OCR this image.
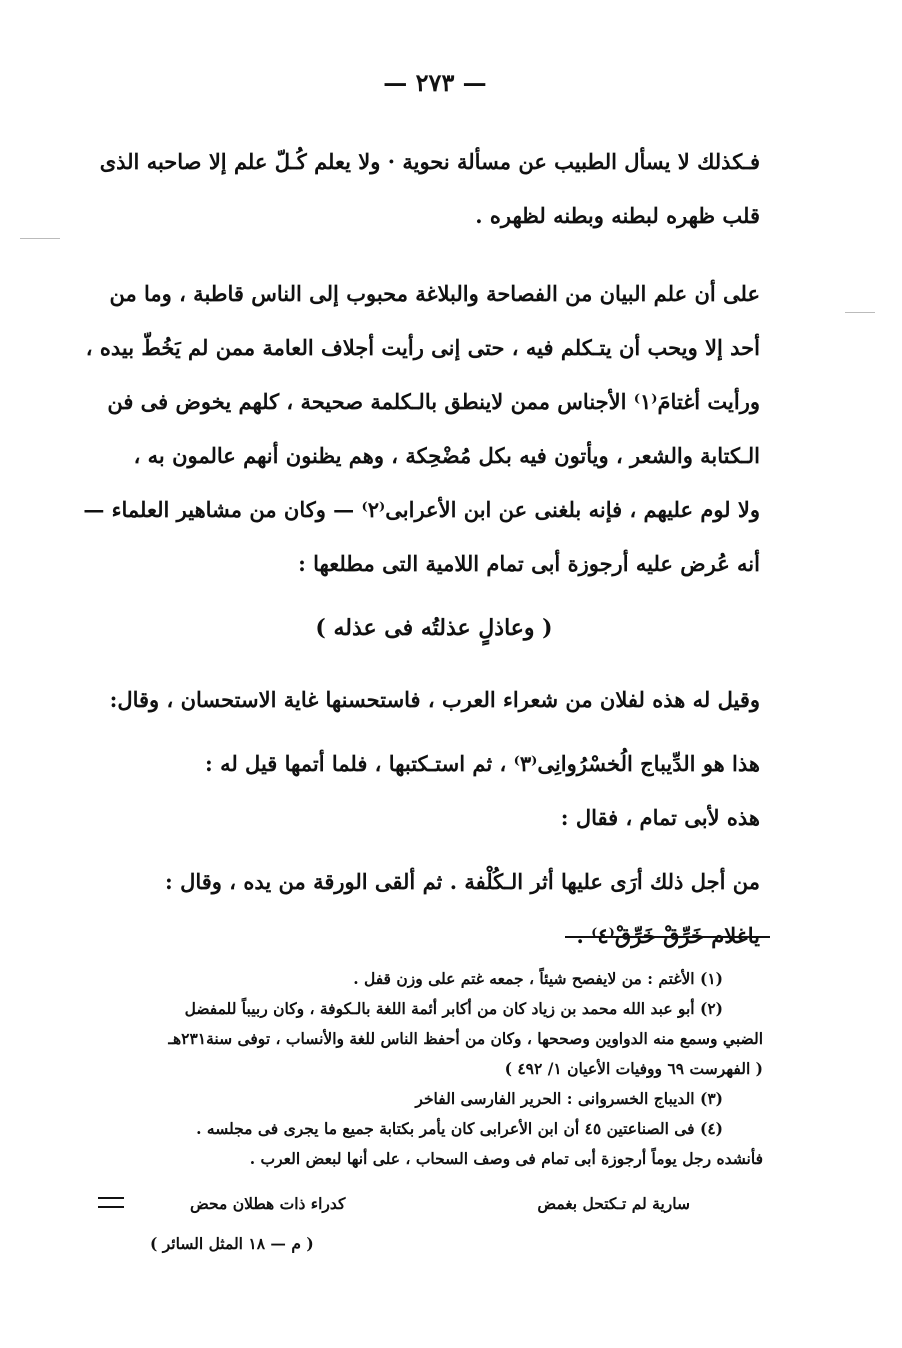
— ٢٧٣ —

فـكذلك لا يسأل الطبيب عن مسألة نحوية · ولا يعلم كُـلّ علم إلا صاحبه الذى
قلب ظهره لبطنه وبطنه لظهره .

على أن علم البيان من الفصاحة والبلاغة محبوب إلى الناس قاطبة ، وما من
أحد إلا ويحب أن يتـكلم فيه ، حتى إنى رأيت أجلاف العامة ممن لم يَخُطّ بيده ،
ورأيت أغتامَ⁽١⁾ الأجناس ممن لاينطق بالـكلمة صحيحة ، كلهم يخوض فى فن
الـكتابة والشعر ، ويأتون فيه بكل مُضْحِكة ، وهم يظنون أنهم عالمون به ،
ولا لوم عليهم ، فإنه بلغنى عن ابن الأعرابى⁽٢⁾ — وكان من مشاهير العلماء —
أنه عُرض عليه أرجوزة أبى تمام اللامية التى مطلعها :

( وعاذلٍ عذلتُه فى عذله )

وقيل له هذه لفلان من شعراء العرب ، فاستحسنها غاية الاستحسان ، وقال:

هذا هو الدِّيباج الُخسْرُوانِى⁽٣⁾ ، ثم استـكتبها ، فلما أتمها قيل له :
هذه لأبى تمام ، فقال :

من أجل ذلك أرَى عليها أثر الـكُلْفة . ثم ألقى الورقة من يده ، وقال :
ياغلام خَرِّقْ خَرِّقْ⁽٤⁾ .

(١) الأغتم : من لايفصح شيئاً ، جمعه غتم على وزن قفل .
(٢) أبو عبد الله محمد بن زياد كان من أكابر أئمة اللغة بالـكوفة ، وكان ربيباً للمفضل
الضبي وسمع منه الدواوين وصححها ، وكان من أحفظ الناس للغة والأنساب ، توفى سنة٢٣١هـ
( الفهرست ٦٩ ووفيات الأعيان ١/ ٤٩٢ )
(٣) الديباج الخسروانى : الحرير الفارسى الفاخر
(٤) فى الصناعتين ٤٥ أن ابن الأعرابى كان يأمر بكتابة جميع ما يجرى فى مجلسه .
فأنشده رجل يوماً أرجوزة أبى تمام فى وصف السحاب ، على أنها لبعض العرب .
سارية لم تـكتحل بغمض
كدراء ذات هطلان محض
( م — ١٨ المثل السائر )
